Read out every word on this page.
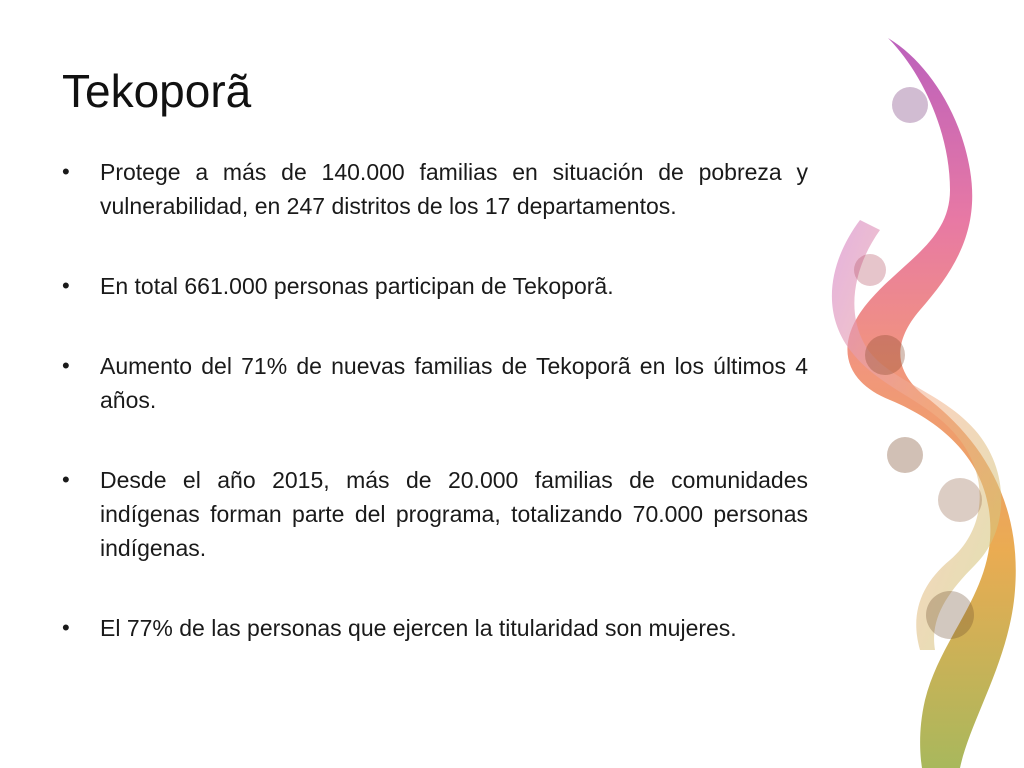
Tekoporã
•	Protege a más de 140.000 familias en situación de pobreza y vulnerabilidad, en 247 distritos de los 17 departamentos.
•	En total 661.000 personas participan de Tekoporã.
•	Aumento del 71% de nuevas familias de Tekoporã en los últimos 4 años.
•	Desde el año 2015, más de 20.000 familias de comunidades indígenas forman parte del programa, totalizando 70.000 personas indígenas.
•	El 77% de las personas que ejercen la titularidad son mujeres.
